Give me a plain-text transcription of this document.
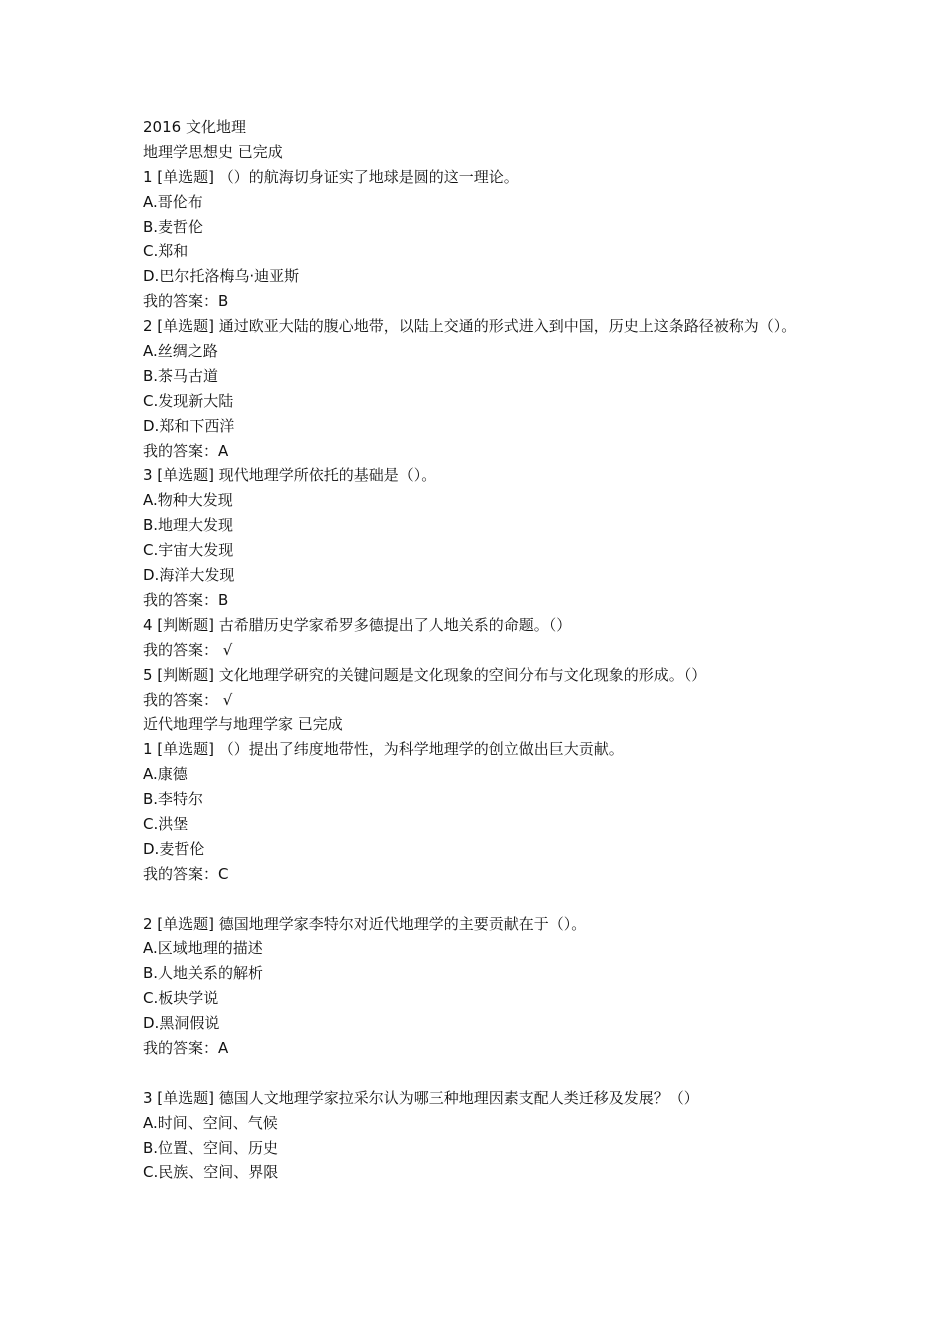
2016 文化地理
地理学思想史 已完成
1 [单选题] （）的航海切身证实了地球是圆的这一理论。
A.哥伦布
B.麦哲伦
C.郑和
D.巴尔托洛梅乌·迪亚斯
我的答案：B
2 [单选题] 通过欧亚大陆的腹心地带，以陆上交通的形式进入到中国，历史上这条路径被称为（）。
A.丝绸之路
B.茶马古道
C.发现新大陆
D.郑和下西洋
我的答案：A
3 [单选题] 现代地理学所依托的基础是（）。
A.物种大发现
B.地理大发现
C.宇宙大发现
D.海洋大发现
我的答案：B
4 [判断题] 古希腊历史学家希罗多德提出了人地关系的命题。（）
我的答案： √
5 [判断题] 文化地理学研究的关键问题是文化现象的空间分布与文化现象的形成。（）
我的答案： √
近代地理学与地理学家 已完成
1 [单选题] （）提出了纬度地带性，为科学地理学的创立做出巨大贡献。
A.康德
B.李特尔
C.洪堡
D.麦哲伦
我的答案：C
2 [单选题] 德国地理学家李特尔对近代地理学的主要贡献在于（）。
A.区域地理的描述
B.人地关系的解析
C.板块学说
D.黑洞假说
我的答案：A
3 [单选题] 德国人文地理学家拉采尔认为哪三种地理因素支配人类迁移及发展？（）
A.时间、空间、气候
B.位置、空间、历史
C.民族、空间、界限
